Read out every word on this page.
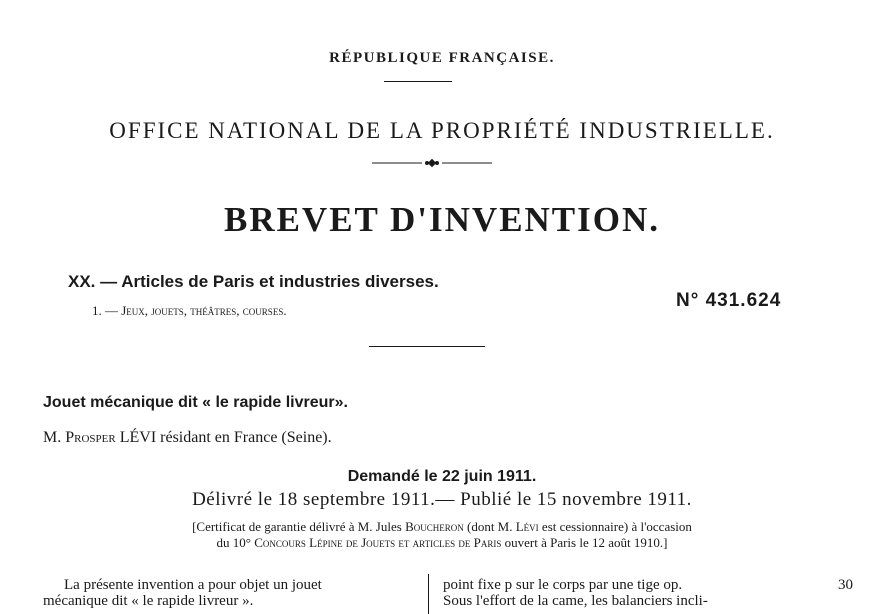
RÉPUBLIQUE FRANÇAISE.
OFFICE NATIONAL DE LA PROPRIÉTÉ INDUSTRIELLE.
BREVET D'INVENTION.
XX. — Articles de Paris et industries diverses.
1. — Jeux, jouets, théâtres, courses.	N° 431.624
Jouet mécanique dit « le rapide livreur».
M. Prosper LÉVI résidant en France (Seine).
Demandé le 22 juin 1911.
Délivré le 18 septembre 1911.— Publié le 15 novembre 1911.
[Certificat de garantie délivré à M. Jules Boucheron (dont M. Lévi est cessionnaire) à l'occasion
du 10° Concours Lépine de Jouets et articles de Paris ouvert à Paris le 12 août 1910.]
La présente invention a pour objet un jouet
mécanique dit « le rapide livreur ».
point fixe p sur le corps par une tige op.	30
Sous l'effort de la came, les balanciers incli-
